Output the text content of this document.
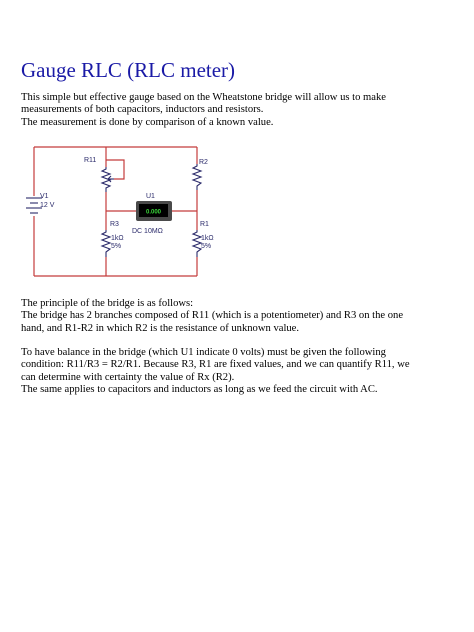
Gauge RLC (RLC meter)
This simple but effective gauge based on the Wheatstone bridge will allow us to make
measurements of both capacitors, inductors and resistors.
The measurement is done by comparison of a known value.
0.000
V1
12 V
R11	R2
U1
DC 10MΩ
R3
1kΩ
5%
R1
1kΩ
5%
The principle of the bridge is as follows:
The bridge has 2 branches composed of R11 (which is a potentiometer) and R3 on the one
hand, and R1-R2 in which R2 is the resistance of unknown value.
To have balance in the bridge (which U1 indicate 0 volts) must be given the following
condition: R11/R3 = R2/R1. Because R3, R1 are fixed values, and we can quantify R11, we
can determine with certainty the value of Rx (R2).
The same applies to capacitors and inductors as long as we feed the circuit with AC.
